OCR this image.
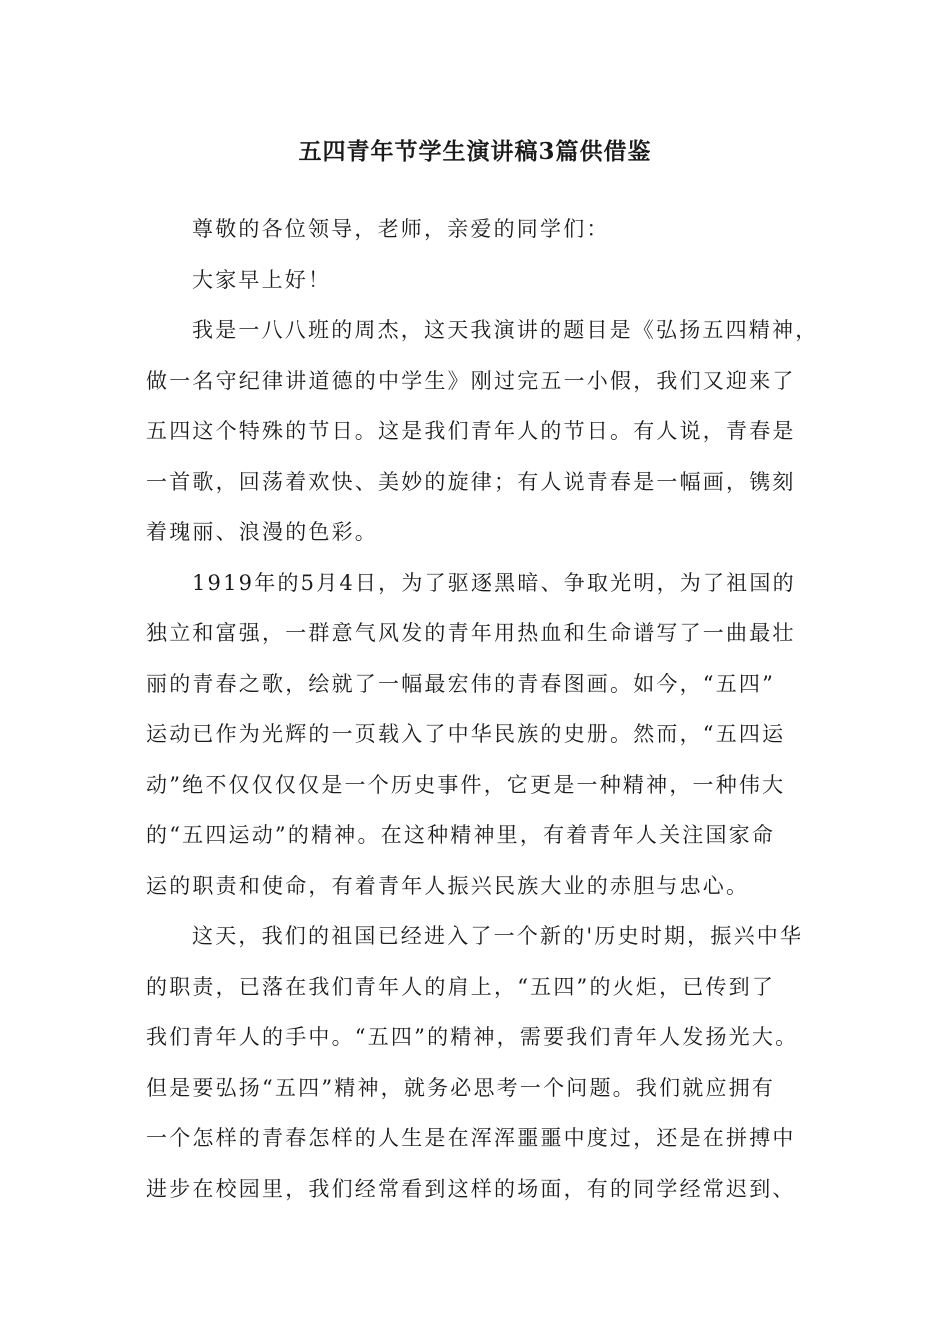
五四青年节学生演讲稿3篇供借鉴
尊敬的各位领导，老师，亲爱的同学们：
大家早上好！
我是一八八班的周杰，这天我演讲的题目是《弘扬五四精神，
做一名守纪律讲道德的中学生》刚过完五一小假，我们又迎来了
五四这个特殊的节日。这是我们青年人的节日。有人说，青春是
一首歌，回荡着欢快、美妙的旋律；有人说青春是一幅画，镌刻
着瑰丽、浪漫的色彩。
1919年的5月4日，为了驱逐黑暗、争取光明，为了祖国的
独立和富强，一群意气风发的青年用热血和生命谱写了一曲最壮
丽的青春之歌，绘就了一幅最宏伟的青春图画。如今，“五四”
运动已作为光辉的一页载入了中华民族的史册。然而，“五四运
动”绝不仅仅仅仅是一个历史事件，它更是一种精神，一种伟大
的“五四运动”的精神。在这种精神里，有着青年人关注国家命
运的职责和使命，有着青年人振兴民族大业的赤胆与忠心。
这天，我们的祖国已经进入了一个新的'历史时期，振兴中华
的职责，已落在我们青年人的肩上，“五四”的火炬，已传到了
我们青年人的手中。“五四”的精神，需要我们青年人发扬光大。
但是要弘扬“五四”精神，就务必思考一个问题。我们就应拥有
一个怎样的青春怎样的人生是在浑浑噩噩中度过，还是在拼搏中
进步在校园里，我们经常看到这样的场面，有的同学经常迟到、
